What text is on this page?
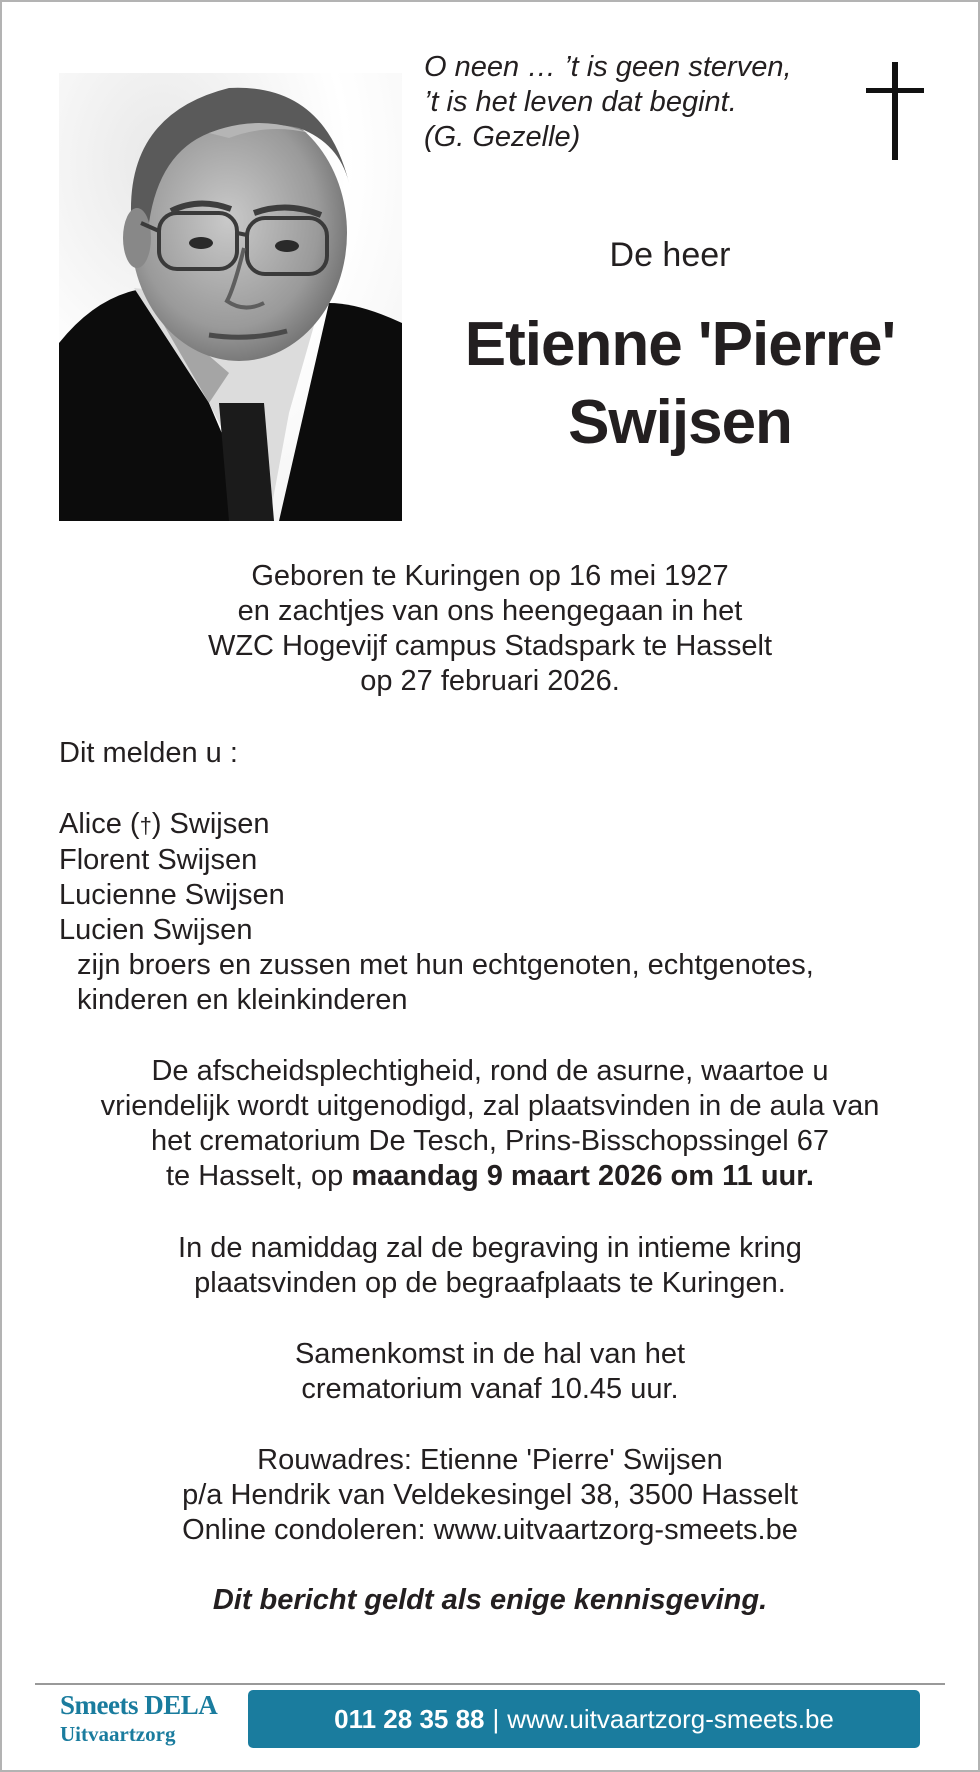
O neen … ’t is geen sterven,
’t is het leven dat begint.
(G. Gezelle)
De heer
Etienne 'Pierre'
Swijsen
Geboren te Kuringen op 16 mei 1927
en zachtjes van ons heengegaan in het
WZC Hogevijf campus Stadspark te Hasselt
op 27 februari 2026.
Dit melden u :
Alice (†) Swijsen
Florent Swijsen
Lucienne Swijsen
Lucien Swijsen
zijn broers en zussen met hun echtgenoten, echtgenotes,
kinderen en kleinkinderen
De afscheidsplechtigheid, rond de asurne, waartoe u
vriendelijk wordt uitgenodigd, zal plaatsvinden in de aula van
het crematorium De Tesch, Prins-Bisschopssingel 67
te Hasselt, op maandag 9 maart 2026 om 11 uur.
In de namiddag zal de begraving in intieme kring
plaatsvinden op de begraafplaats te Kuringen.
Samenkomst in de hal van het
crematorium vanaf 10.45 uur.
Rouwadres: Etienne 'Pierre' Swijsen
p/a Hendrik van Veldekesingel 38, 3500 Hasselt
Online condoleren: www.uitvaartzorg-smeets.be
Dit bericht geldt als enige kennisgeving.
Smeets DELA
Uitvaartzorg
011 28 35 88 | www.uitvaartzorg-smeets.be
